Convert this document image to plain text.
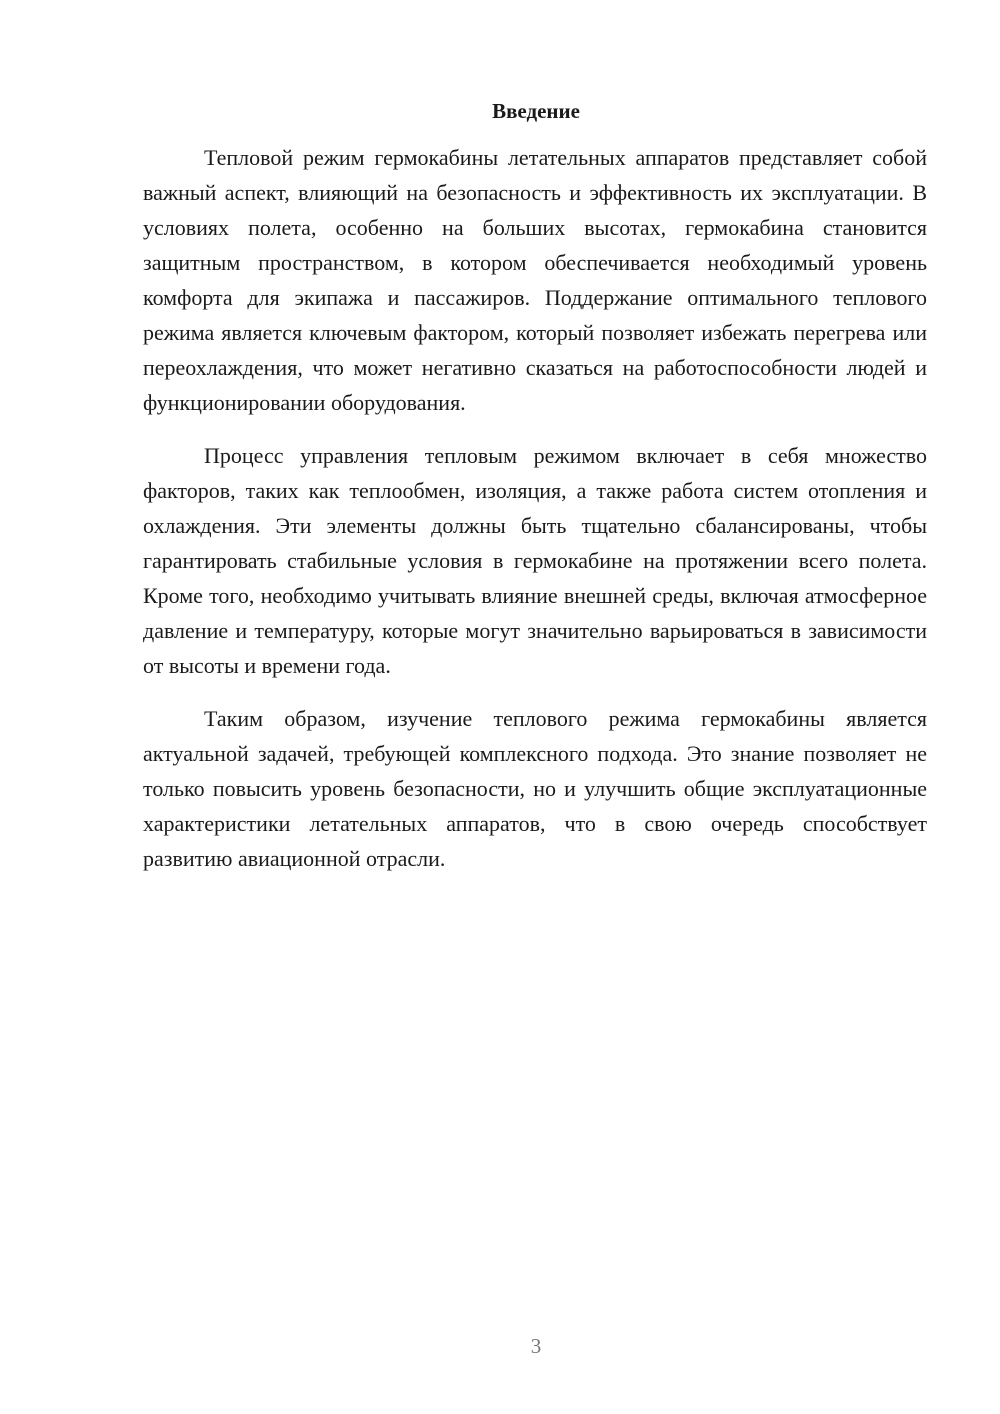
Введение

Тепловой режим гермокабины летательных аппаратов представляет собой важный аспект, влияющий на безопасность и эффективность их эксплуатации. В условиях полета, особенно на больших высотах, гермокабина становится защитным пространством, в котором обеспечивается необходимый уровень комфорта для экипажа и пассажиров. Поддержание оптимального теплового режима является ключевым фактором, который позволяет избежать перегрева или переохлаждения, что может негативно сказаться на работоспособности людей и функционировании оборудования.

Процесс управления тепловым режимом включает в себя множество факторов, таких как теплообмен, изоляция, а также работа систем отопления и охлаждения. Эти элементы должны быть тщательно сбалансированы, чтобы гарантировать стабильные условия в гермокабине на протяжении всего полета. Кроме того, необходимо учитывать влияние внешней среды, включая атмосферное давление и температуру, которые могут значительно варьироваться в зависимости от высоты и времени года.

Таким образом, изучение теплового режима гермокабины является актуальной задачей, требующей комплексного подхода. Это знание позволяет не только повысить уровень безопасности, но и улучшить общие эксплуатационные характеристики летательных аппаратов, что в свою очередь способствует развитию авиационной отрасли.

3
